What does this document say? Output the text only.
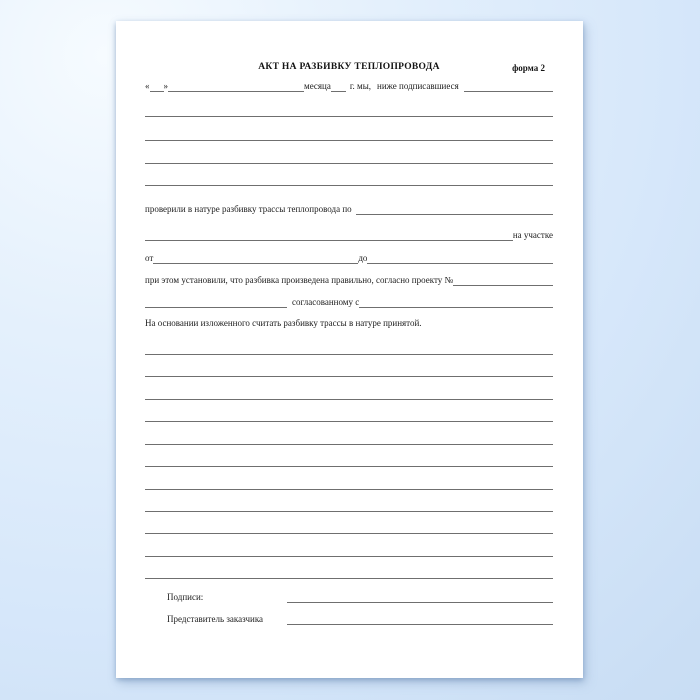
АКТ НА РАЗБИВКУ ТЕПЛОПРОВОДА	форма 2
« »	месяца г. мы, ниже подписавшиеся
проверили в натуре разбивку трассы теплопровода по
на участке
от	до
при этом установили, что разбивка произведена правильно, согласно проекту №
согласованному с
На основании изложенного считать разбивку трассы в натуре принятой.
Подписи:
Представитель заказчика
